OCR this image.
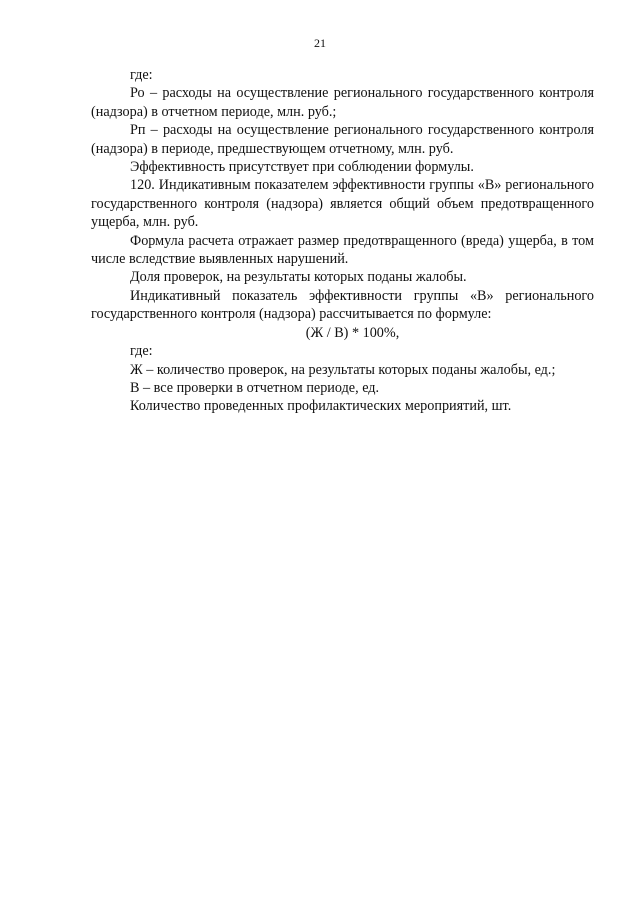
21

где:

Ро – расходы на осуществление регионального государственного контроля (надзора) в отчетном периоде, млн. руб.;

Рп – расходы на осуществление регионального государственного контроля (надзора) в периоде, предшествующем отчетному, млн. руб.

Эффективность присутствует при соблюдении формулы.

120. Индикативным показателем эффективности группы «В» регионального государственного контроля (надзора) является общий объем предотвращенного ущерба, млн. руб.

Формула расчета отражает размер предотвращенного (вреда) ущерба, в том числе вследствие выявленных нарушений.

Доля проверок, на результаты которых поданы жалобы.

Индикативный показатель эффективности группы «В» регионального государственного контроля (надзора) рассчитывается по формуле:

(Ж / В) * 100%,

где:

Ж – количество проверок, на результаты которых поданы жалобы, ед.;

В – все проверки в отчетном периоде, ед.

Количество проведенных профилактических мероприятий, шт.
